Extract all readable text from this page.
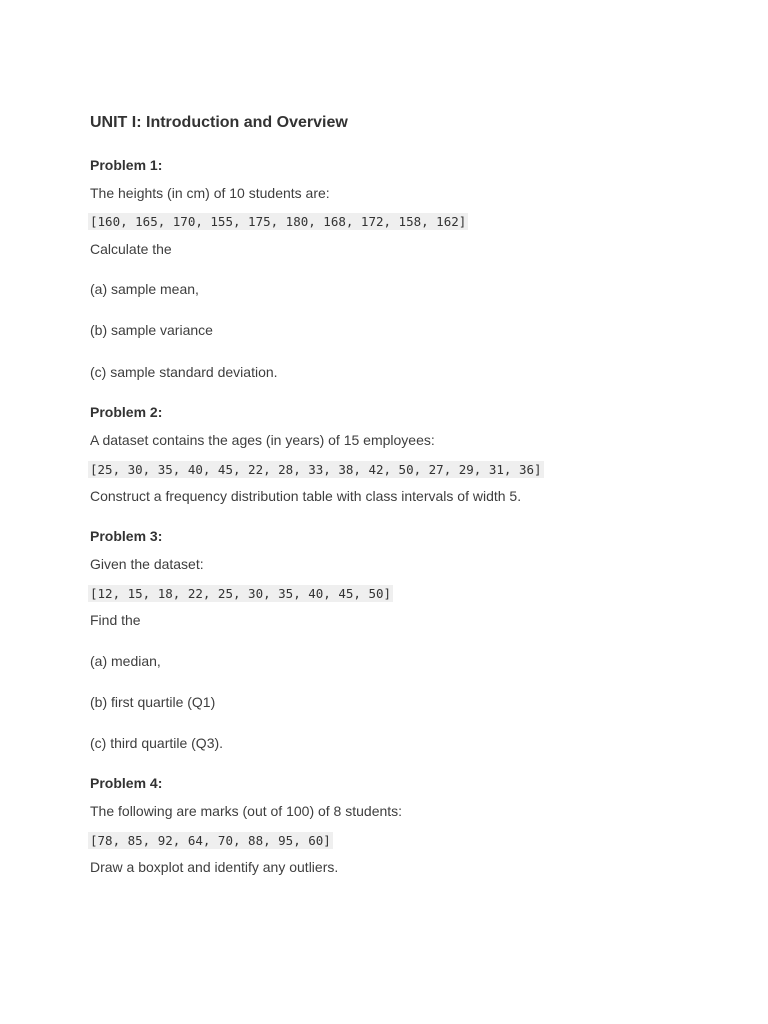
UNIT I: Introduction and Overview
Problem 1:
The heights (in cm) of 10 students are:
[160, 165, 170, 155, 175, 180, 168, 172, 158, 162]
Calculate the
(a) sample mean,
(b) sample variance
(c) sample standard deviation.
Problem 2:
A dataset contains the ages (in years) of 15 employees:
[25, 30, 35, 40, 45, 22, 28, 33, 38, 42, 50, 27, 29, 31, 36]
Construct a frequency distribution table with class intervals of width 5.
Problem 3:
Given the dataset:
[12, 15, 18, 22, 25, 30, 35, 40, 45, 50]
Find the
(a) median,
(b) first quartile (Q1)
(c) third quartile (Q3).
Problem 4:
The following are marks (out of 100) of 8 students:
[78, 85, 92, 64, 70, 88, 95, 60]
Draw a boxplot and identify any outliers.
